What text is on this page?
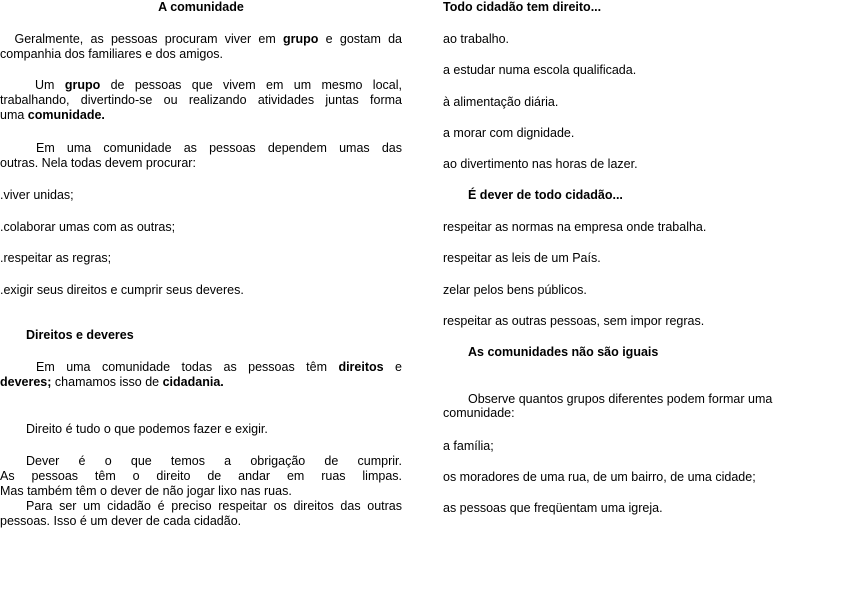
A comunidade

Geralmente, as pessoas procuram viver em grupo e gostam da
companhia dos familiares e dos amigos.
Um grupo de pessoas que vivem em um mesmo local,
trabalhando, divertindo-se ou realizando atividades juntas forma
uma comunidade.
Em uma comunidade as pessoas dependem umas das
outras. Nela todas devem procurar:

.viver unidas;

.colaborar umas com as outras;

.respeitar as regras;

.exigir seus direitos e cumprir seus deveres.

Direitos e deveres

Em uma comunidade todas as pessoas têm direitos e
deveres; chamamos isso de cidadania.

Direito é tudo o que podemos fazer e exigir.

Dever é o que temos a obrigação de cumprir.
As pessoas têm o direito de andar em ruas limpas.
Mas também têm o dever de não jogar lixo nas ruas.
Para ser um cidadão é preciso respeitar os direitos das outras
pessoas. Isso é um dever de cada cidadão.

Todo cidadão tem direito...

ao trabalho.

a estudar numa escola qualificada.

à alimentação diária.

a morar com dignidade.

ao divertimento nas horas de lazer.

É dever de todo cidadão...

respeitar as normas na empresa onde trabalha.

respeitar as leis de um País.

zelar pelos bens públicos.

respeitar as outras pessoas, sem impor regras.

As comunidades não são iguais

Observe quantos grupos diferentes podem formar uma

comunidade:

a família;

os moradores de uma rua, de um bairro, de uma cidade;

as pessoas que freqüentam uma igreja.
